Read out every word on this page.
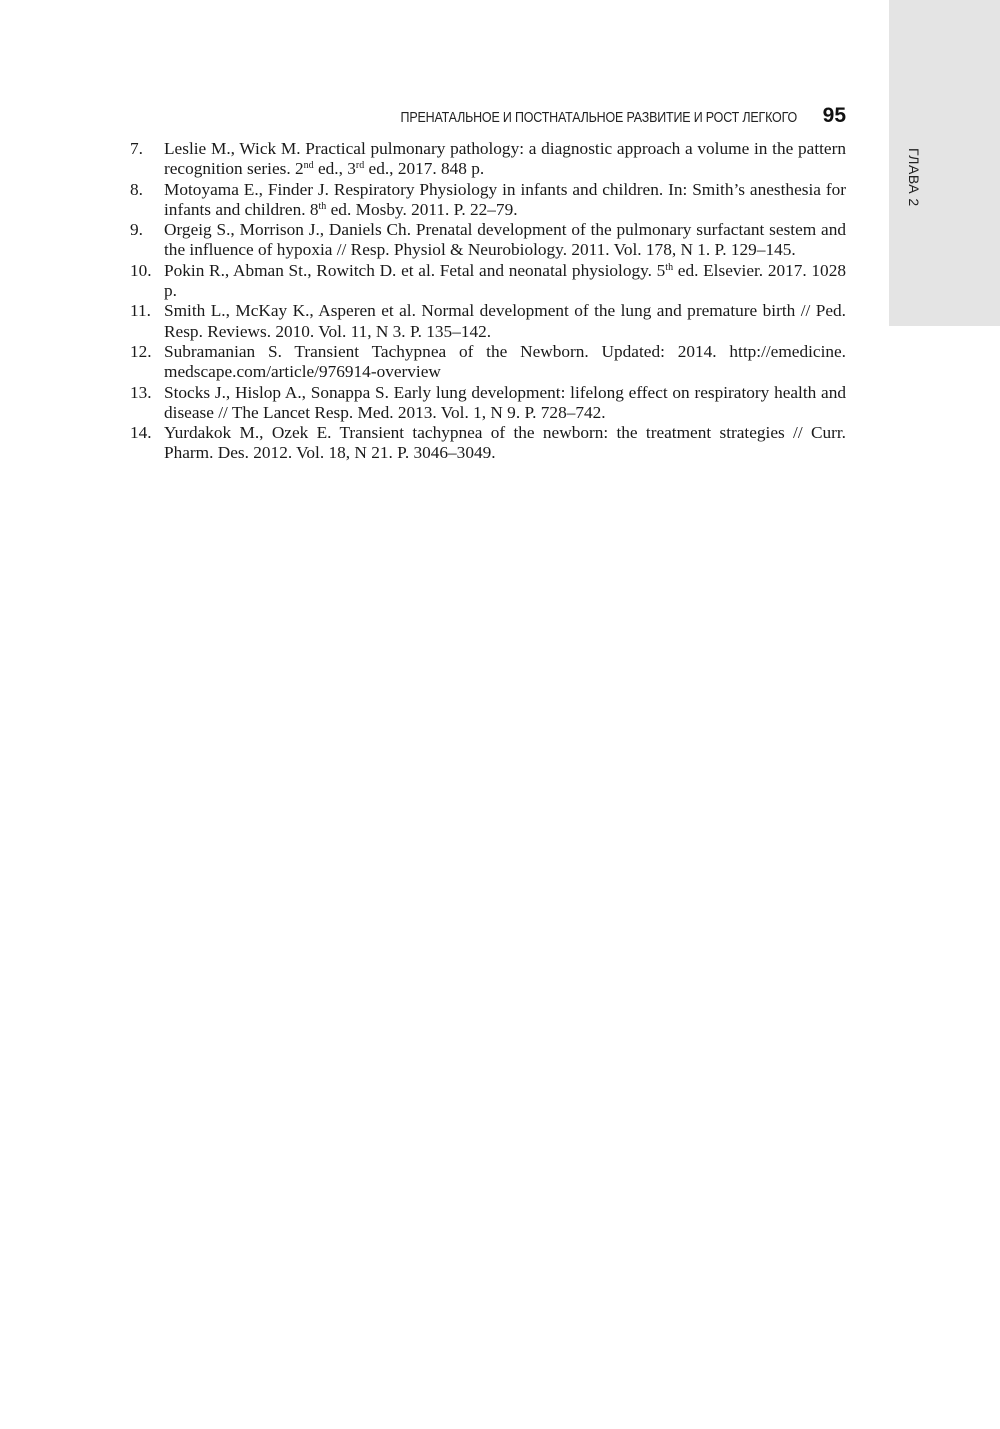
ГЛАВА 2
ПРЕНАТАЛЬНОЕ И ПОСТНАТАЛЬНОЕ РАЗВИТИЕ И РОСТ ЛЕГКОГО 95
7.	Leslie M., Wick M. Practical pulmonary pathology: a diagnostic approach a volume in the pattern recognition series. 2nd ed., 3rd ed., 2017. 848 p.
8.	Motoyama E., Finder J. Respiratory Physiology in infants and children. In: Smith’s anesthesia for infants and children. 8th ed. Mosby. 2011. P. 22–79.
9.	Orgeig S., Morrison J., Daniels Ch. Prenatal development of the pulmonary surfactant sestem and the influence of hypoxia // Resp. Physiol & Neurobiology. 2011. Vol. 178, N 1. P. 129–145.
10. Pokin R., Abman St., Rowitch D. et al. Fetal and neonatal physiology. 5th ed. Elsevier. 2017. 1028 p.
11. Smith L., McKay K., Asperen et al. Normal development of the lung and premature birth // Ped. Resp. Reviews. 2010. Vol. 11, N 3. P. 135–142.
12. Subramanian S. Transient Tachypnea of the Newborn. Updated: 2014. http://emedicine.​medscape.com/article/976914-overview
13. Stocks J., Hislop A., Sonappa S. Early lung development: lifelong effect on respiratory health and disease // The Lancet Resp. Med. 2013. Vol. 1, N 9. P. 728–742.
14. Yurdakok M., Ozek E. Transient tachypnea of the newborn: the treatment strategies // Curr. Pharm. Des. 2012. Vol. 18, N 21. P. 3046–3049.
